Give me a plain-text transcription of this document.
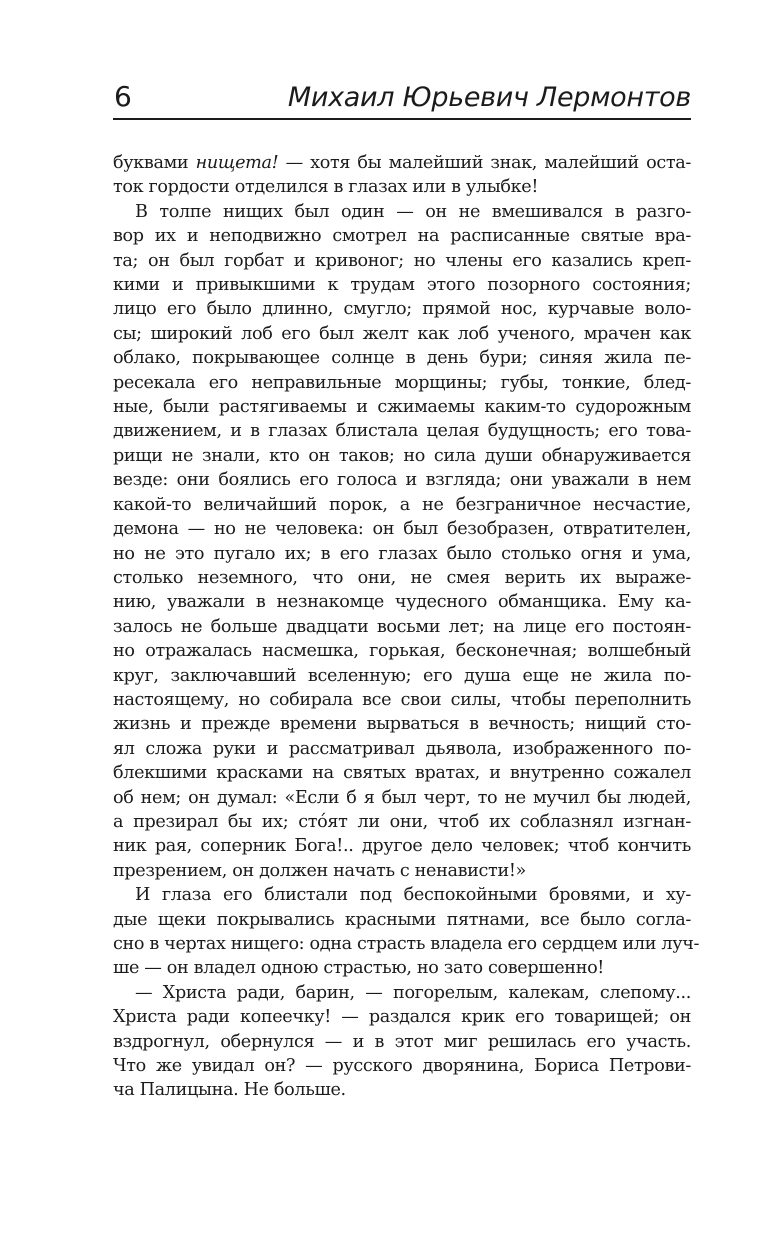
6	Михаил Юрьевич Лермонтов

буквами нищета! — хотя бы малейший знак, малейший оста-
ток гордости отделился в глазах или в улыбке!

В толпе нищих был один — он не вмешивался в разго-
вор их и неподвижно смотрел на расписанные святые вра-
та; он был горбат и кривоног; но члены его казались креп-
кими и привыкшими к трудам этого позорного состояния;
лицо его было длинно, смугло; прямой нос, курчавые воло-
сы; широкий лоб его был желт как лоб ученого, мрачен как
облако, покрывающее солнце в день бури; синяя жила пе-
ресекала его неправильные морщины; губы, тонкие, блед-
ные, были растягиваемы и сжимаемы каким-то судорожным
движением, и в глазах блистала целая будущность; его това-
рищи не знали, кто он таков; но сила души обнаруживается
везде: они боялись его голоса и взгляда; они уважали в нем
какой-то величайший порок, а не безграничное несчастие,
демона — но не человека: он был безобразен, отвратителен,
но не это пугало их; в его глазах было столько огня и ума,
столько неземного, что они, не смея верить их выраже-
нию, уважали в незнакомце чудесного обманщика. Ему ка-
залось не больше двадцати восьми лет; на лице его постоян-
но отражалась насмешка, горькая, бесконечная; волшебный
круг, заключавший вселенную; его душа еще не жила по-
настоящему, но собирала все свои силы, чтобы переполнить
жизнь и прежде времени вырваться в вечность; нищий сто-
ял сложа руки и рассматривал дьявола, изображенного по-
блекшими красками на святых вратах, и внутренно сожалел
об нем; он думал: «Если б я был черт, то не мучил бы людей,
а презирал бы их; стóят ли они, чтоб их соблазнял изгнан-
ник рая, соперник Бога!.. другое дело человек; чтоб кончить
презрением, он должен начать с ненависти!»

И глаза его блистали под беспокойными бровями, и ху-
дые щеки покрывались красными пятнами, все было согла-
сно в чертах нищего: одна страсть владела его сердцем или луч-
ше — он владел одною страстью, но зато совершенно!

— Христа ради, барин, — погорелым, калекам, слепому...
Христа ради копеечку! — раздался крик его товарищей; он
вздрогнул, обернулся — и в этот миг решилась его участь.
Что же увидал он? — русского дворянина, Бориса Петрови-
ча Палицына. Не больше.
